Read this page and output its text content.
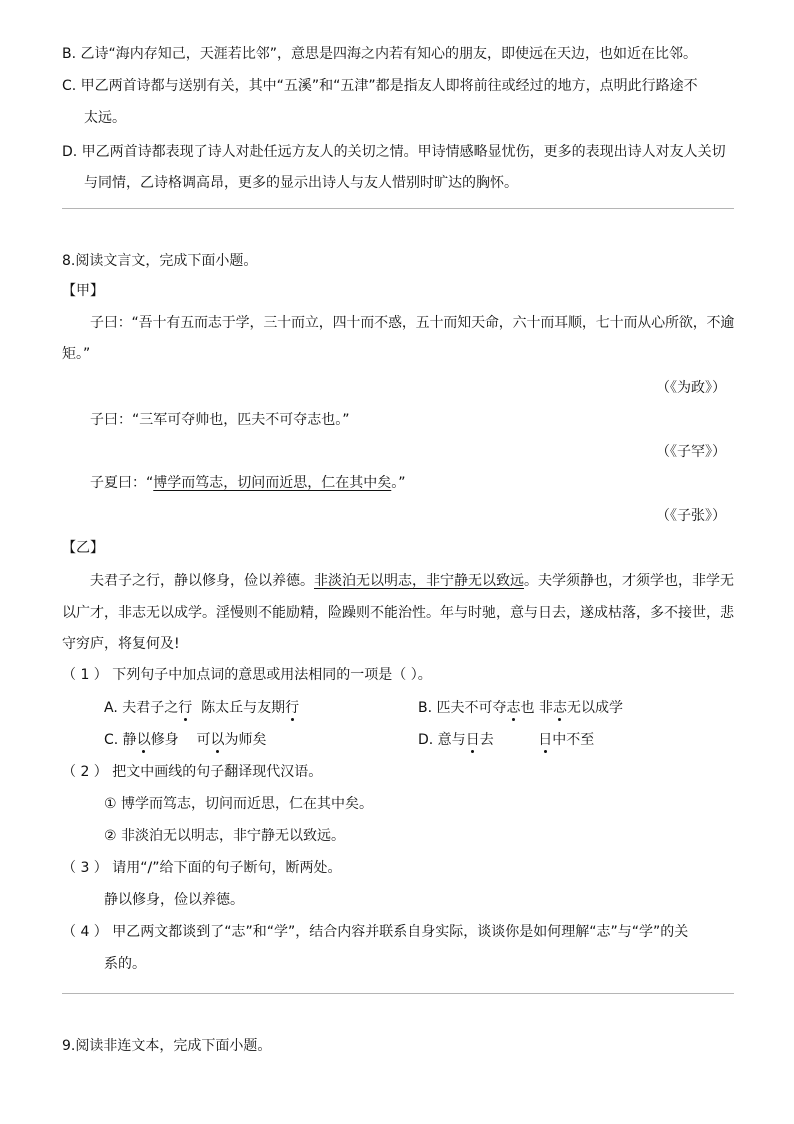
B. 乙诗“海内存知己，天涯若比邻”，意思是四海之内若有知心的朋友，即使远在天边，也如近在比邻。
C. 甲乙两首诗都与送别有关，其中“五溪”和“五津”都是指友人即将前往或经过的地方，点明此行路途不
太远。
D. 甲乙两首诗都表现了诗人对赴任远方友人的关切之情。甲诗情感略显忧伤，更多的表现出诗人对友人关切
与同情，乙诗格调高昂，更多的显示出诗人与友人惜别时旷达的胸怀。
8.阅读文言文，完成下面小题。
【甲】
子曰：“吾十有五而志于学，三十而立，四十而不惑，五十而知天命，六十而耳顺，七十而从心所欲，不逾
矩。”
（《为政》）
子曰：“三军可夺帅也，匹夫不可夺志也。”
（《子罕》）
子夏曰：“博学而笃志，切问而近思，仁在其中矣。”
（《子张》）
【乙】
夫君子之行，静以修身，俭以养德。非淡泊无以明志，非宁静无以致远。夫学须静也，才须学也，非学无
以广才，非志无以成学。淫慢则不能励精，险躁则不能治性。年与时驰，意与日去，遂成枯落，多不接世，悲
守穷庐，将复何及!
（ 1 ） 下列句子中加点词的意思或用法相同的一项是（ ）。
A. 夫君子之行  陈太丘与友期行	B. 匹夫不可夺志也 非志无以成学
C. 静以修身    可以为师矣	D. 意与日去          日中不至
（ 2 ） 把文中画线的句子翻译现代汉语。
① 博学而笃志，切问而近思，仁在其中矣。
② 非淡泊无以明志，非宁静无以致远。
（ 3 ） 请用“/”给下面的句子断句，断两处。
静以修身，俭以养德。
（ 4 ） 甲乙两文都谈到了“志”和“学”，结合内容并联系自身实际，谈谈你是如何理解“志”与“学”的关
系的。
9.阅读非连文本，完成下面小题。
